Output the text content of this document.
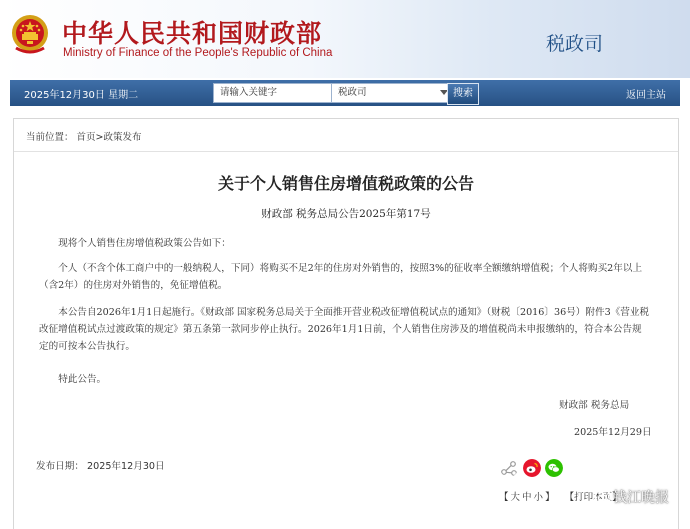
中华人民共和国财政部
Ministry of Finance of the People's Republic of China	税政司
2025年12月30日 星期二	请输入关键字	税政司	搜索	返回主站
当前位置： 首页>政策发布
关于个人销售住房增值税政策的公告
财政部 税务总局公告2025年第17号
现将个人销售住房增值税政策公告如下：
个人（不含个体工商户中的一般纳税人，下同）将购买不足2年的住房对外销售的，按照3%的征收率全额缴纳增值税；个人将购买2年以上（含2年）的住房对外销售的，免征增值税。
本公告自2026年1月1日起施行。《财政部 国家税务总局关于全面推开营业税改征增值税试点的通知》（财税〔2016〕36号）附件3《营业税改征增值税试点过渡政策的规定》第五条第一款同步停止执行。2026年1月1日前，个人销售住房涉及的增值税尚未申报缴纳的，符合本公告规定的可按本公告执行。
特此公告。
财政部 税务总局
2025年12月29日
发布日期： 2025年12月30日
【 大 中 小 】 【打印本页】
钱江晚报
